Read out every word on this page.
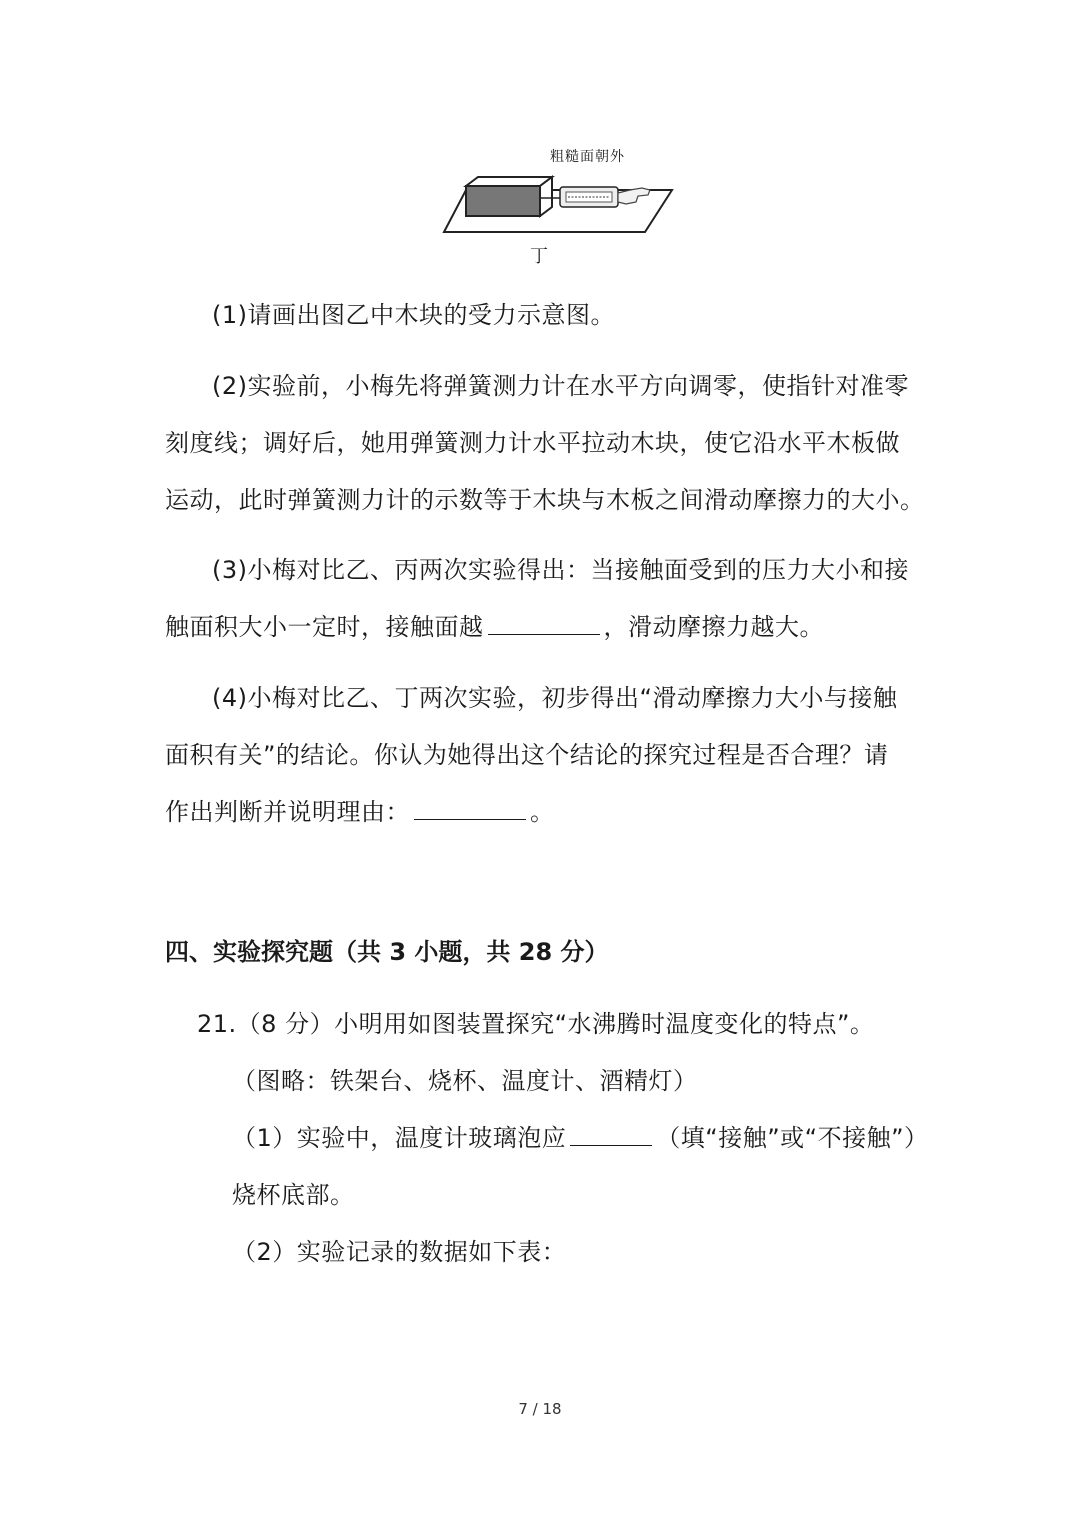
粗糙面朝外
丁
(1)请画出图乙中木块的受力示意图。
(2)实验前，小梅先将弹簧测力计在水平方向调零，使指针对准零
刻度线；调好后，她用弹簧测力计水平拉动木块，使它沿水平木板做
运动，此时弹簧测力计的示数等于木块与木板之间滑动摩擦力的大小。
(3)小梅对比乙、丙两次实验得出：当接触面受到的压力大小和接
触面积大小一定时，接触面越	，滑动摩擦力越大。
(4)小梅对比乙、丁两次实验，初步得出“滑动摩擦力大小与接触
面积有关”的结论。你认为她得出这个结论的探究过程是否合理？请
作出判断并说明理由：	。
四、实验探究题（共 3 小题，共 28 分）
21.（8 分）小明用如图装置探究“水沸腾时温度变化的特点”。
（图略：铁架台、烧杯、温度计、酒精灯）
（1）实验中，温度计玻璃泡应	（填“接触”或“不接触”）
烧杯底部。
（2）实验记录的数据如下表：
7 / 18
